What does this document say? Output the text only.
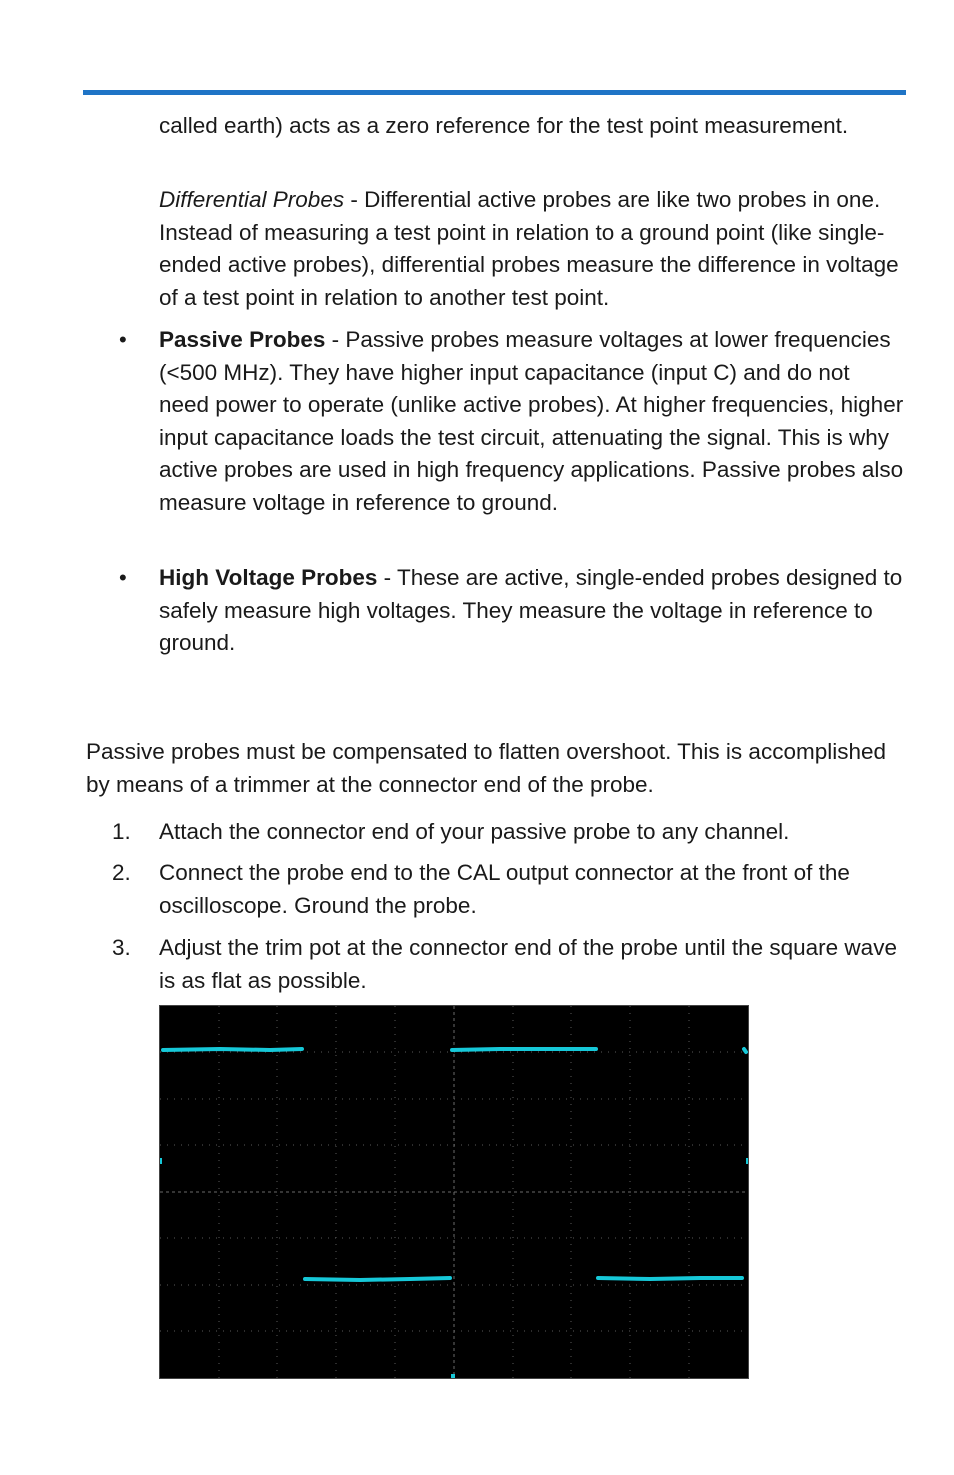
called earth) acts as a zero reference for the test point measurement.

Differential Probes - Differential active probes are like two probes in one. Instead of measuring a test point in relation to a ground point (like single-ended active probes), differential probes measure the difference in voltage of a test point in relation to another test point.

• Passive Probes - Passive probes measure voltages at lower frequencies (<500 MHz). They have higher input capacitance (input C) and do not need power to operate (unlike active probes). At higher frequencies, higher input capacitance loads the test circuit, attenuating the signal. This is why active probes are used in high frequency applications. Passive probes also measure voltage in reference to ground.

• High Voltage Probes - These are active, single-ended probes designed to safely measure high voltages. They measure the voltage in reference to ground.

Passive probes must be compensated to flatten overshoot. This is accomplished by means of a trimmer at the connector end of the probe.

1. Attach the connector end of your passive probe to any channel.

2. Connect the probe end to the CAL output connector at the front of the oscilloscope. Ground the probe.

3. Adjust the trim pot at the connector end of the probe until the square wave is as flat as possible.
